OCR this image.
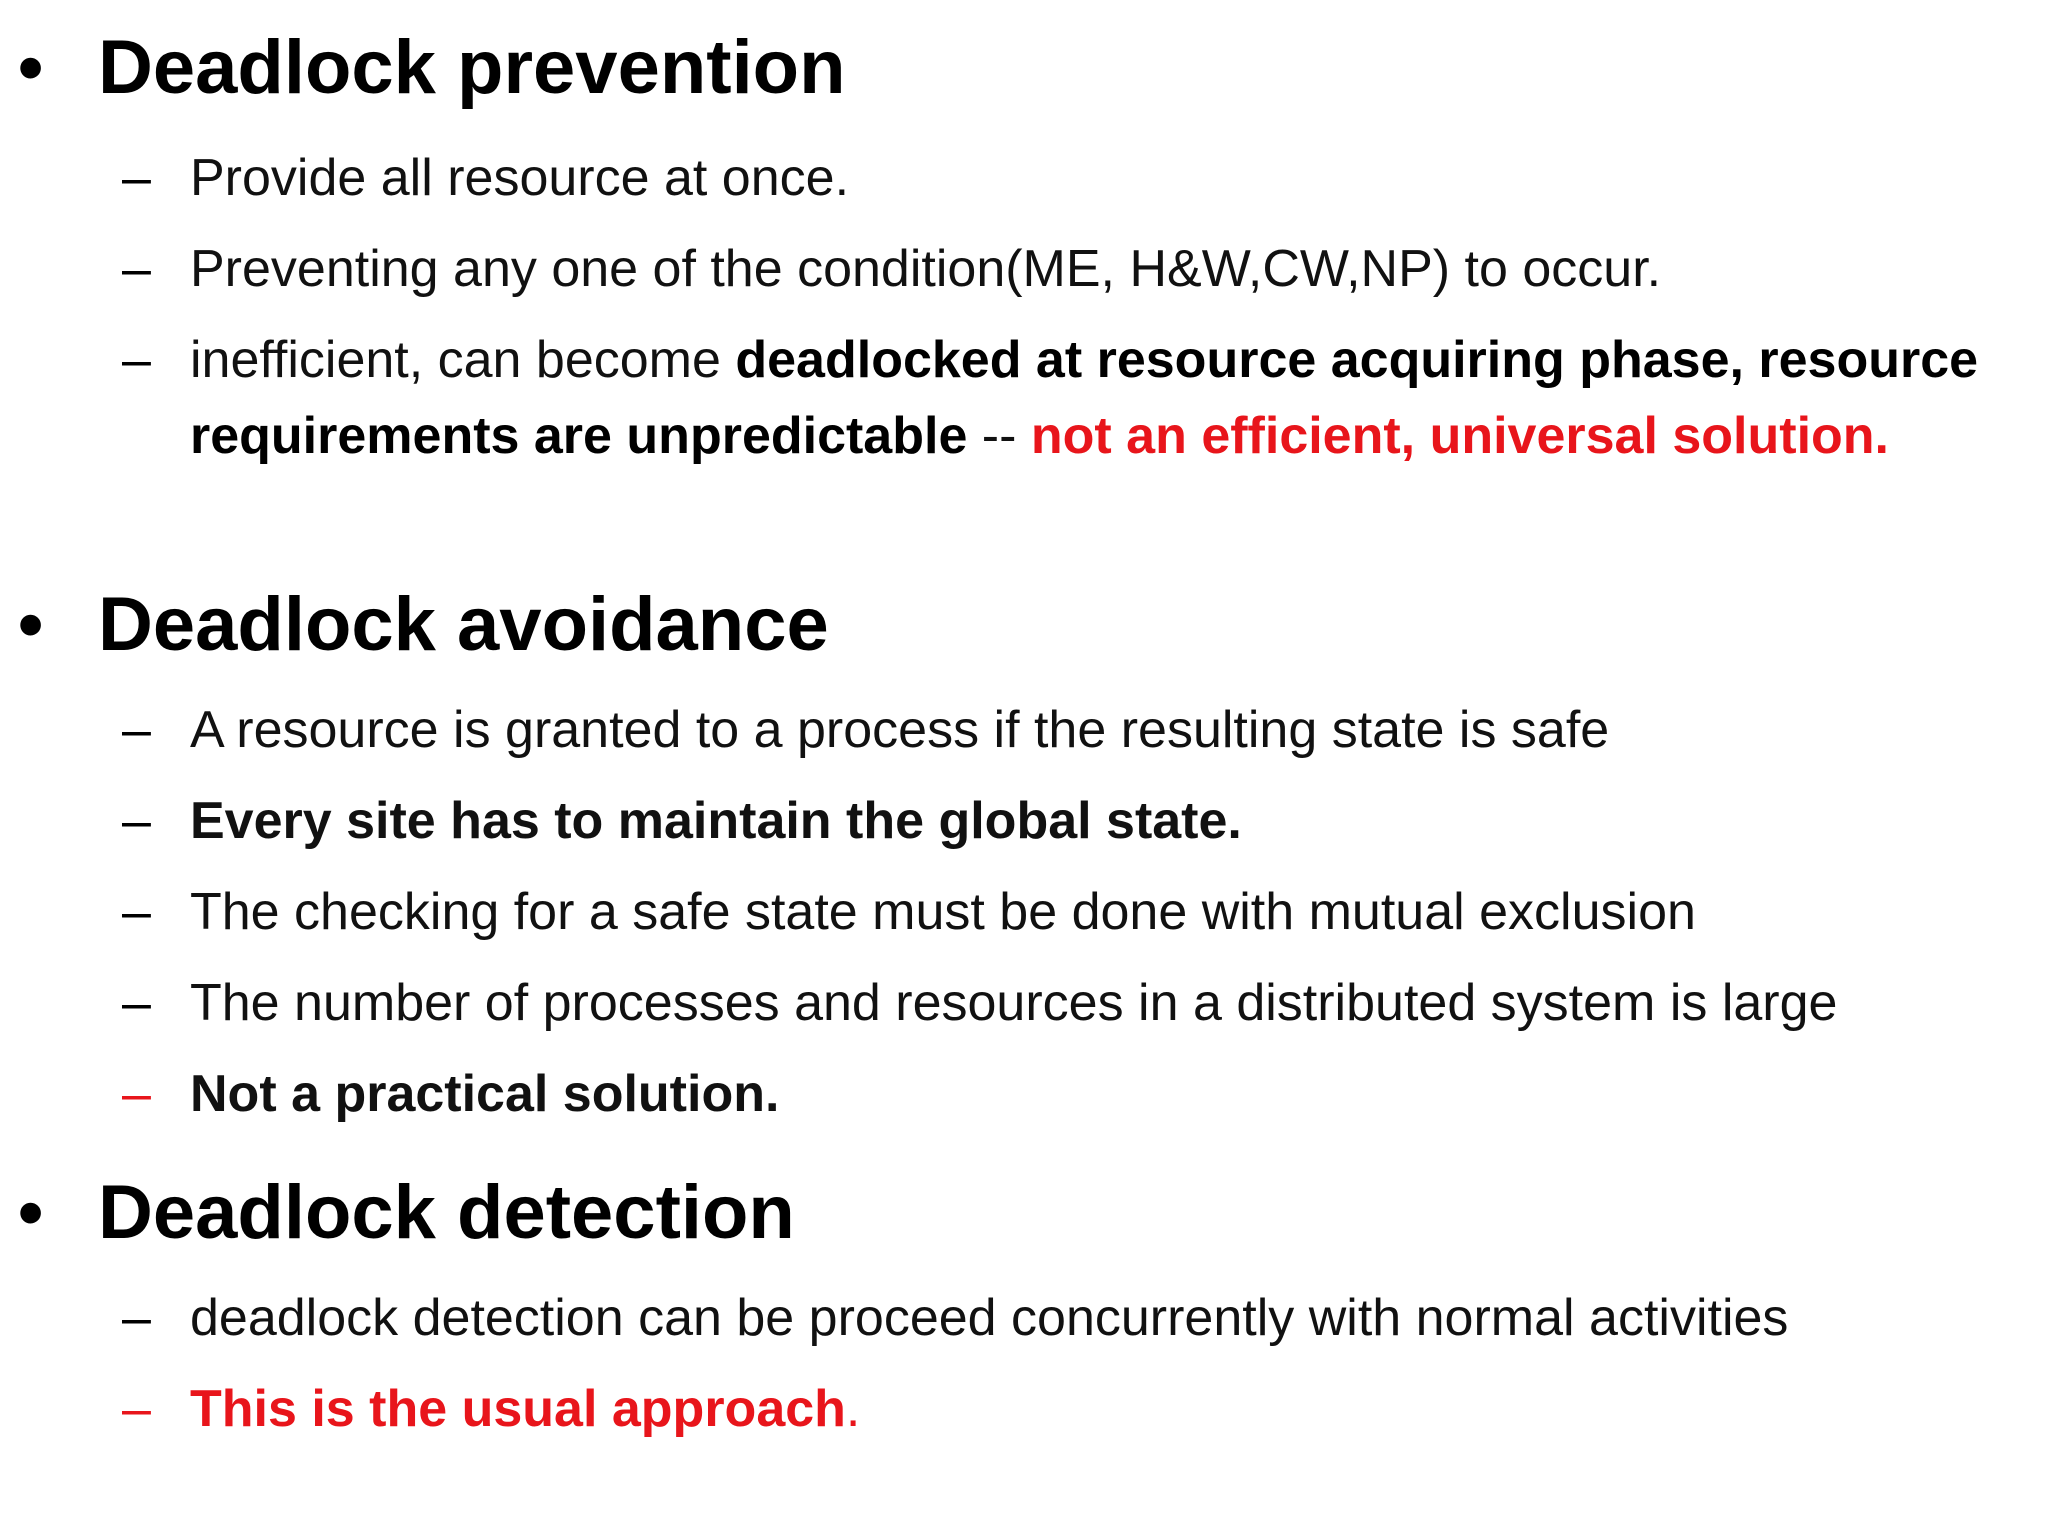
• Deadlock prevention
– Provide all resource at once.
– Preventing any one of the condition(ME, H&W,CW,NP) to occur.
– inefficient, can become deadlocked at resource acquiring phase, resource requirements are unpredictable -- not an efficient, universal solution.
• Deadlock avoidance
– A resource is granted to a process if the resulting state is safe
– Every site has to maintain the global state.
– The checking for a safe state must be done with mutual exclusion
– The number of processes and resources in a distributed system is large
– Not a practical solution.
• Deadlock detection
– deadlock detection can be proceed concurrently with normal activities
– This is the usual approach.
